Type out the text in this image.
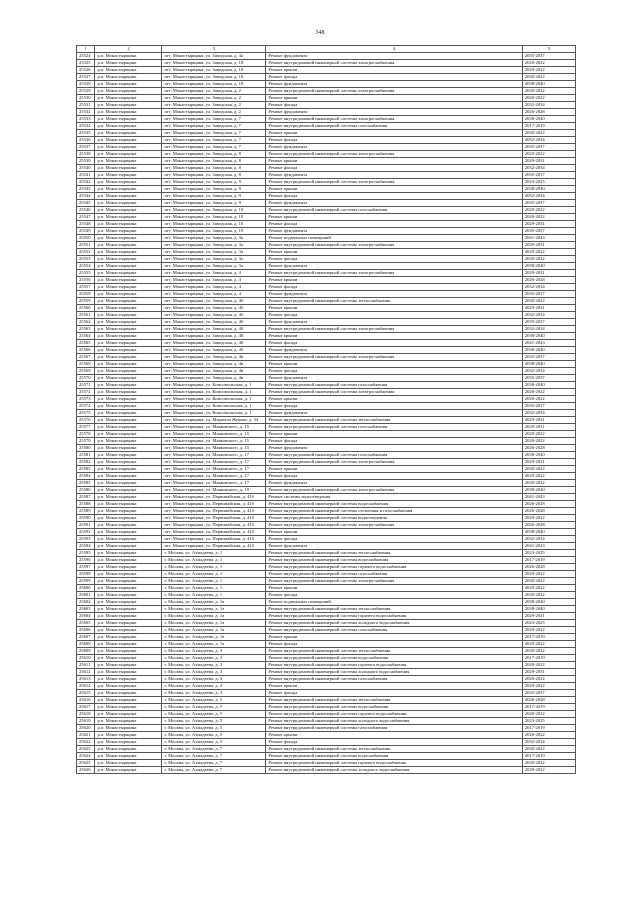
348
1	2	3	4	5
25524	р.п. Монастырщина	пгт. Монастырщина, ул. Заводская, д. 4а	Ремонт фундамента	2035-2037
25525	р.п. Монастырщина	пгт. Монастырщина, ул. Заводская, д. 18	Ремонт внутридомовой инженерной системы электроснабжения	2020-2022
25526	р.п. Монастырщина	пгт. Монастырщина, ул. Заводская, д. 18	Ремонт крыши	2020-2022
25527	р.п. Монастырщина	пгт. Монастырщина, ул. Заводская, д. 18	Ремонт фасада	2020-2022
25528	р.п. Монастырщина	пгт. Монастырщина, ул. Заводская, д. 18	Ремонт фундамента	2038-2040
25529	р.п. Монастырщина	пгт. Монастырщина, ул. Заводская, д. 2	Ремонт внутридомовой инженерной системы электроснабжения	2020-2022
25530	р.п. Монастырщина	пгт. Монастырщина, ул. Заводская, д. 2	Ремонт крыши	2020-2022
25531	р.п. Монастырщина	пгт. Монастырщина, ул. Заводская, д. 2	Ремонт фасада	2032-2034
25532	р.п. Монастырщина	пгт. Монастырщина, ул. Заводская, д. 2	Ремонт фундамента	2026-2028
25533	р.п. Монастырщина	пгт. Монастырщина, ул. Заводская, д. 7	Ремонт внутридомовой инженерной системы электроснабжения	2038-2040
25534	р.п. Монастырщина	пгт. Монастырщина, ул. Заводская, д. 7	Ремонт внутридомовой инженерной системы газоснабжения	2017-2019
25535	р.п. Монастырщина	пгт. Монастырщина, ул. Заводская, д. 7	Ремонт крыши	2020-2022
25536	р.п. Монастырщина	пгт. Монастырщина, ул. Заводская, д. 7	Ремонт фасада	2032-2034
25537	р.п. Монастырщина	пгт. Монастырщина, ул. Заводская, д. 7	Ремонт фундамента	2035-2037
25538	р.п. Монастырщина	пгт. Монастырщина, ул. Заводская, д. 8	Ремонт внутридомовой инженерной системы электроснабжения	2020-2022
25539	р.п. Монастырщина	пгт. Монастырщина, ул. Заводская, д. 8	Ремонт крыши	2029-2031
25540	р.п. Монастырщина	пгт. Монастырщина, ул. Заводская, д. 8	Ремонт фасада	2032-2034
25541	р.п. Монастырщина	пгт. Монастырщина, ул. Заводская, д. 8	Ремонт фундамента	2035-2037
25542	р.п. Монастырщина	пгт. Монастырщина, ул. Заводская, д. 9	Ремонт внутридомовой инженерной системы электроснабжения	2023-2025
25543	р.п. Монастырщина	пгт. Монастырщина, ул. Заводская, д. 9	Ремонт крыши	2038-2040
25544	р.п. Монастырщина	пгт. Монастырщина, ул. Заводская, д. 9	Ремонт фасада	2032-2034
25545	р.п. Монастырщина	пгт. Монастырщина, ул. Заводская, д. 9	Ремонт фундамента	2035-2037
25546	р.п. Монастырщина	пгт. Монастырщина, ул. Заводская, д. 10	Ремонт внутридомовой инженерной системы газоснабжения	2020-2022
25547	р.п. Монастырщина	пгт. Монастырщина, ул. Заводская, д. 10	Ремонт крыши	2020-2022
25548	р.п. Монастырщина	пгт. Монастырщина, ул. Заводская, д. 10	Ремонт фасада	2029-2031
25549	р.п. Монастырщина	пгт. Монастырщина, ул. Заводская, д. 10	Ремонт фундамента	2035-2037
25550	р.п. Монастырщина	пгт. Монастырщина, ул. Заводская, д. 3а	Ремонт подвальных помещений	2041-2043
25551	р.п. Монастырщина	пгт. Монастырщина, ул. Заводская, д. 3а	Ремонт внутридомовой инженерной системы электроснабжения	2029-2031
25552	р.п. Монастырщина	пгт. Монастырщина, ул. Заводская, д. 3а	Ремонт крыши	2020-2022
25553	р.п. Монастырщина	пгт. Монастырщина, ул. Заводская, д. 3а	Ремонт фасада	2020-2022
25554	р.п. Монастырщина	пгт. Монастырщина, ул. Заводская, д. 3а	Ремонт фундамента	2038-2040
25555	р.п. Монастырщина	пгт. Монастырщина, ул. Заводская, д. 4	Ремонт внутридомовой инженерной системы электроснабжения	2029-2031
25556	р.п. Монастырщина	пгт. Монастырщина, ул. Заводская, д. 4	Ремонт крыши	2026-2028
25557	р.п. Монастырщина	пгт. Монастырщина, ул. Заводская, д. 4	Ремонт фасада	2032-2034
25558	р.п. Монастырщина	пгт. Монастырщина, ул. Заводская, д. 4	Ремонт фундамента	2035-2037
25559	р.п. Монастырщина	пгт. Монастырщина, ул. Заводская, д. 4б	Ремонт внутридомовой инженерной системы теплоснабжения	2020-2022
25560	р.п. Монастырщина	пгт. Монастырщина, ул. Заводская, д. 4б	Ремонт крыши	2029-2031
25561	р.п. Монастырщина	пгт. Монастырщина, ул. Заводская, д. 4б	Ремонт фасада	2032-2034
25562	р.п. Монастырщина	пгт. Монастырщина, ул. Заводская, д. 4б	Ремонт фундамента	2035-2037
25563	р.п. Монастырщина	пгт. Монастырщина, ул. Заводская, д. 40	Ремонт внутридомовой инженерной системы электроснабжения	2032-2034
25564	р.п. Монастырщина	пгт. Монастырщина, ул. Заводская, д. 40	Ремонт крыши	2038-2040
25565	р.п. Монастырщина	пгт. Монастырщина, ул. Заводская, д. 40	Ремонт фасада	2041-2043
25566	р.п. Монастырщина	пгт. Монастырщина, ул. Заводская, д. 40	Ремонт фундамента	2038-2040
25567	р.п. Монастырщина	пгт. Монастырщина, ул. Заводская, д. 4в	Ремонт внутридомовой инженерной системы электроснабжения	2035-2037
25568	р.п. Монастырщина	пгт. Монастырщина, ул. Заводская, д. 4в	Ремонт крыши	2038-2040
25569	р.п. Монастырщина	пгт. Монастырщина, ул. Заводская, д. 4в	Ремонт фасада	2032-2034
25570	р.п. Монастырщина	пгт. Монастырщина, ул. Заводская, д. 4в	Ремонт фундамента	2035-2037
25571	р.п. Монастырщина	пгт. Монастырщина, ул. Комсомольская, д. 1	Ремонт внутридомовой инженерной системы газоснабжения	2038-2040
25572	р.п. Монастырщина	пгт. Монастырщина, ул. Комсомольская, д. 1	Ремонт внутридомовой инженерной системы электроснабжения	2020-2022
25573	р.п. Монастырщина	пгт. Монастырщина, ул. Комсомольская, д. 1	Ремонт крыши	2020-2022
25574	р.п. Монастырщина	пгт. Монастырщина, ул. Комсомольская, д. 1	Ремонт фасада	2035-2037
25575	р.п. Монастырщина	пгт. Монастырщина, ул. Комсомольская, д. 1	Ремонт фундамента	2032-2034
25576	р.п. Монастырщина	пгт. Монастырщина, ул. Маршала Жукова, д. 34	Ремонт внутридомовой инженерной системы теплоснабжения	2029-2031
25577	р.п. Монастырщина	пгт. Монастырщина, ул. Маяковского, д. 15	Ремонт внутридомовой инженерной системы газоснабжения	2029-2031
25578	р.п. Монастырщина	пгт. Монастырщина, ул. Маяковского, д. 15	Ремонт крыши	2020-2022
25579	р.п. Монастырщина	пгт. Монастырщина, ул. Маяковского, д. 15	Ремонт фасада	2020-2022
25580	р.п. Монастырщина	пгт. Монастырщина, ул. Маяковского, д. 15	Ремонт фундамента	2026-2028
25581	р.п. Монастырщина	пгт. Монастырщина, ул. Маяковского, д. 17	Ремонт внутридомовой инженерной системы газоснабжения	2038-2040
25582	р.п. Монастырщина	пгт. Монастырщина, ул. Маяковского, д. 17	Ремонт внутридомовой инженерной системы электроснабжения	2029-2031
25583	р.п. Монастырщина	пгт. Монастырщина, ул. Маяковского, д. 17	Ремонт крыши	2020-2022
25584	р.п. Монастырщина	пгт. Монастырщина, ул. Маяковского, д. 17	Ремонт фасада	2020-2022
25585	р.п. Монастырщина	пгт. Монастырщина, ул. Маяковского, д. 17	Ремонт фундамента	2020-2022
25586	р.п. Монастырщина	пгт. Монастырщина, ул. Маяковского, д. 19	Ремонт внутридомовой инженерной системы электроснабжения	2038-2040
25587	р.п. Монастырщина	пгт. Монастырщина, ул. Первомайская, д. 41б	Ремонт системы водоотведения	2041-2043
25588	р.п. Монастырщина	пгт. Монастырщина, ул. Первомайская, д. 41б	Ремонт внутридомовой инженерной системы водоснабжения	2026-2028
25589	р.п. Монастырщина	пгт. Монастырщина, ул. Первомайская, д. 41б	Ремонт внутридомовой инженерной системы отопления и газоснабжения	2026-2028
25590	р.п. Монастырщина	пгт. Монастырщина, ул. Первомайская, д. 41б	Ремонт внутридомовой инженерной системы водоотведения	2020-2022
25591	р.п. Монастырщина	пгт. Монастырщина, ул. Первомайская, д. 41б	Ремонт внутридомовой инженерной системы электроснабжения	2026-2028
25592	р.п. Монастырщина	пгт. Монастырщина, ул. Первомайская, д. 41б	Ремонт крыши	2038-2040
25593	р.п. Монастырщина	пгт. Монастырщина, ул. Первомайская, д. 41б	Ремонт фасада	2032-2034
25594	р.п. Монастырщина	пгт. Монастырщина, ул. Первомайская, д. 41б	Ремонт фундамента	2041-2043
25595	р.п. Монастырщина	г. Москва, ул. Ахмадеева, д. 1	Ремонт внутридомовой инженерной системы теплоснабжения	2023-2025
25596	р.п. Монастырщина	г. Москва, ул. Ахмадеева, д. 1	Ремонт внутридомовой инженерной системы водоснабжения	2017-2019
25597	р.п. Монастырщина	г. Москва, ул. Ахмадеева, д. 1	Ремонт внутридомовой инженерной системы горячего водоснабжения	2026-2028
25598	р.п. Монастырщина	г. Москва, ул. Ахмадеева, д. 1	Ремонт внутридомовой инженерной системы газоснабжения	2020-2022
25599	р.п. Монастырщина	г. Москва, ул. Ахмадеева, д. 1	Ремонт внутридомовой инженерной системы электроснабжения	2020-2022
25600	р.п. Монастырщина	г. Москва, ул. Ахмадеева, д. 1	Ремонт крыши	2020-2022
25601	р.п. Монастырщина	г. Москва, ул. Ахмадеева, д. 1	Ремонт фасада	2020-2022
25602	р.п. Монастырщина	г. Москва, ул. Ахмадеева, д. 1а	Ремонт подвальных помещений	2038-2040
25603	р.п. Монастырщина	г. Москва, ул. Ахмадеева, д. 1а	Ремонт внутридомовой инженерной системы теплоснабжения	2038-2040
25604	р.п. Монастырщина	г. Москва, ул. Ахмадеева, д. 1а	Ремонт внутридомовой инженерной системы горячего водоснабжения	2029-2031
25605	р.п. Монастырщина	г. Москва, ул. Ахмадеева, д. 1а	Ремонт внутридомовой инженерной системы холодного водоснабжения	2023-2025
25606	р.п. Монастырщина	г. Москва, ул. Ахмадеева, д. 1а	Ремонт внутридомовой инженерной системы газоснабжения	2020-2022
25607	р.п. Монастырщина	г. Москва, ул. Ахмадеева, д. 1а	Ремонт крыши	2017-2019
25608	р.п. Монастырщина	г. Москва, ул. Ахмадеева, д. 1а	Ремонт фасада	2020-2022
25609	р.п. Монастырщина	г. Москва, ул. Ахмадеева, д. 3	Ремонт внутридомовой инженерной системы теплоснабжения	2020-2022
25610	р.п. Монастырщина	г. Москва, ул. Ахмадеева, д. 3	Ремонт внутридомовой инженерной системы водоснабжения	2017-2019
25611	р.п. Монастырщина	г. Москва, ул. Ахмадеева, д. 3	Ремонт внутридомовой инженерной системы горячего водоснабжения	2020-2022
25612	р.п. Монастырщина	г. Москва, ул. Ахмадеева, д. 3	Ремонт внутридомовой инженерной системы холодного водоснабжения	2029-2031
25613	р.п. Монастырщина	г. Москва, ул. Ахмадеева, д. 3	Ремонт внутридомовой инженерной системы газоснабжения	2020-2022
25614	р.п. Монастырщина	г. Москва, ул. Ахмадеева, д. 3	Ремонт крыши	2020-2022
25615	р.п. Монастырщина	г. Москва, ул. Ахмадеева, д. 3	Ремонт фасада	2035-2037
25616	р.п. Монастырщина	г. Москва, ул. Ахмадеева, д. 5	Ремонт внутридомовой инженерной системы теплоснабжения	2026-2028
25617	р.п. Монастырщина	г. Москва, ул. Ахмадеева, д. 5	Ремонт внутридомовой инженерной системы водоснабжения	2017-2019
25618	р.п. Монастырщина	г. Москва, ул. Ахмадеева, д. 5	Ремонт внутридомовой инженерной системы горячего водоснабжения	2020-2022
25619	р.п. Монастырщина	г. Москва, ул. Ахмадеева, д. 5	Ремонт внутридомовой инженерной системы холодного водоснабжения	2023-2025
25620	р.п. Монастырщина	г. Москва, ул. Ахмадеева, д. 5	Ремонт внутридомовой инженерной системы газоснабжения	2017-2019
25621	р.п. Монастырщина	г. Москва, ул. Ахмадеева, д. 5	Ремонт крыши	2020-2022
25622	р.п. Монастырщина	г. Москва, ул. Ахмадеева, д. 5	Ремонт фасада	2032-2034
25623	р.п. Монастырщина	г. Москва, ул. Ахмадеева, д. 7	Ремонт внутридомовой инженерной системы теплоснабжения	2020-2022
25624	р.п. Монастырщина	г. Москва, ул. Ахмадеева, д. 7	Ремонт внутридомовой инженерной системы водоснабжения	2017-2019
25625	р.п. Монастырщина	г. Москва, ул. Ахмадеева, д. 7	Ремонт внутридомовой инженерной системы горячего водоснабжения	2020-2022
25626	р.п. Монастырщина	г. Москва, ул. Ахмадеева, д. 7	Ремонт внутридомовой инженерной системы холодного водоснабжения	2020-2022
